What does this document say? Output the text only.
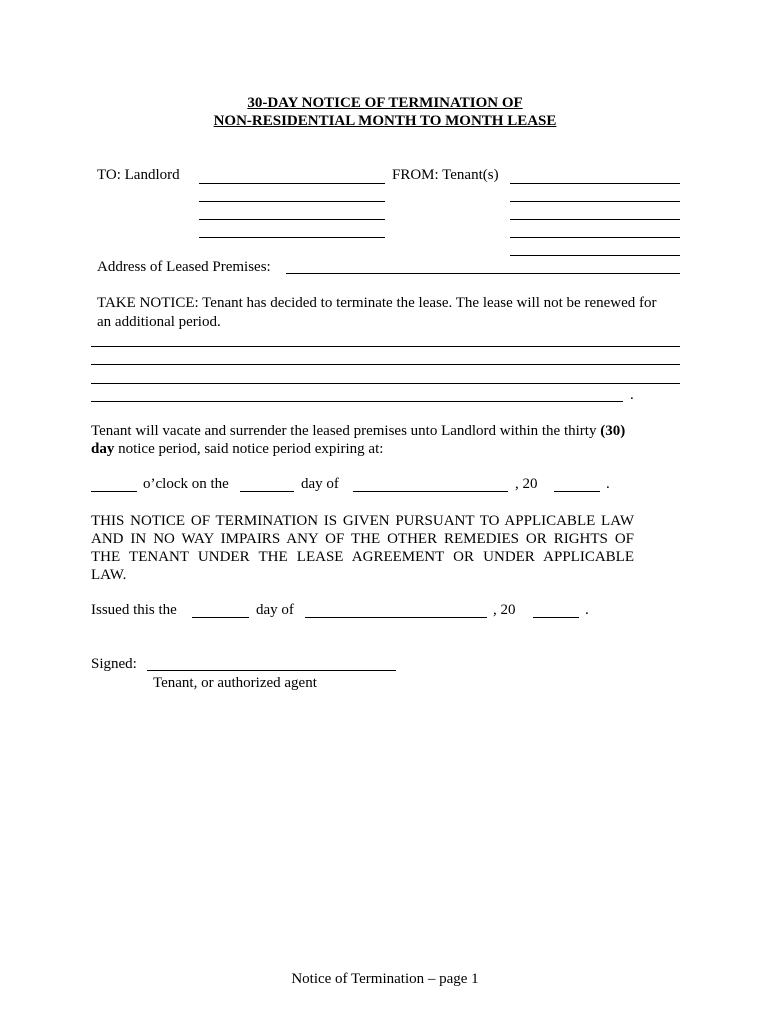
30-DAY NOTICE OF TERMINATION OF
NON-RESIDENTIAL MONTH TO MONTH LEASE
TO: Landlord	FROM: Tenant(s)
Address of Leased Premises:
TAKE NOTICE: Tenant has decided to terminate the lease. The lease will not be renewed for
an additional period.
.
Tenant will vacate and surrender the leased premises unto Landlord within the thirty (30)
day notice period, said notice period expiring at:
o’clock on the	day of	, 20	.
THIS NOTICE OF TERMINATION IS GIVEN PURSUANT TO APPLICABLE LAW
AND IN NO WAY IMPAIRS ANY OF THE OTHER REMEDIES OR RIGHTS OF
THE TENANT UNDER THE LEASE AGREEMENT OR UNDER APPLICABLE
LAW.
Issued this the	day of	, 20	.
Signed:
Tenant, or authorized agent
Notice of Termination – page 1
